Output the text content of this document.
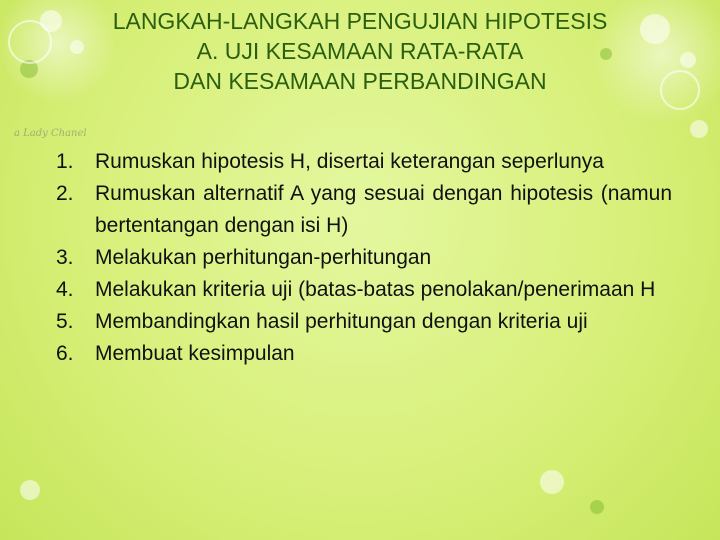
a Lady Chanel
LANGKAH-LANGKAH PENGUJIAN HIPOTESIS
A. UJI KESAMAAN RATA-RATA
DAN KESAMAAN PERBANDINGAN
1. Rumuskan hipotesis H, disertai keterangan seperlunya
2. Rumuskan alternatif A yang sesuai dengan hipotesis (namun bertentangan dengan isi H)
3. Melakukan perhitungan-perhitungan
4. Melakukan kriteria uji (batas-batas penolakan/penerimaan H
5. Membandingkan hasil perhitungan dengan kriteria uji
6. Membuat kesimpulan
